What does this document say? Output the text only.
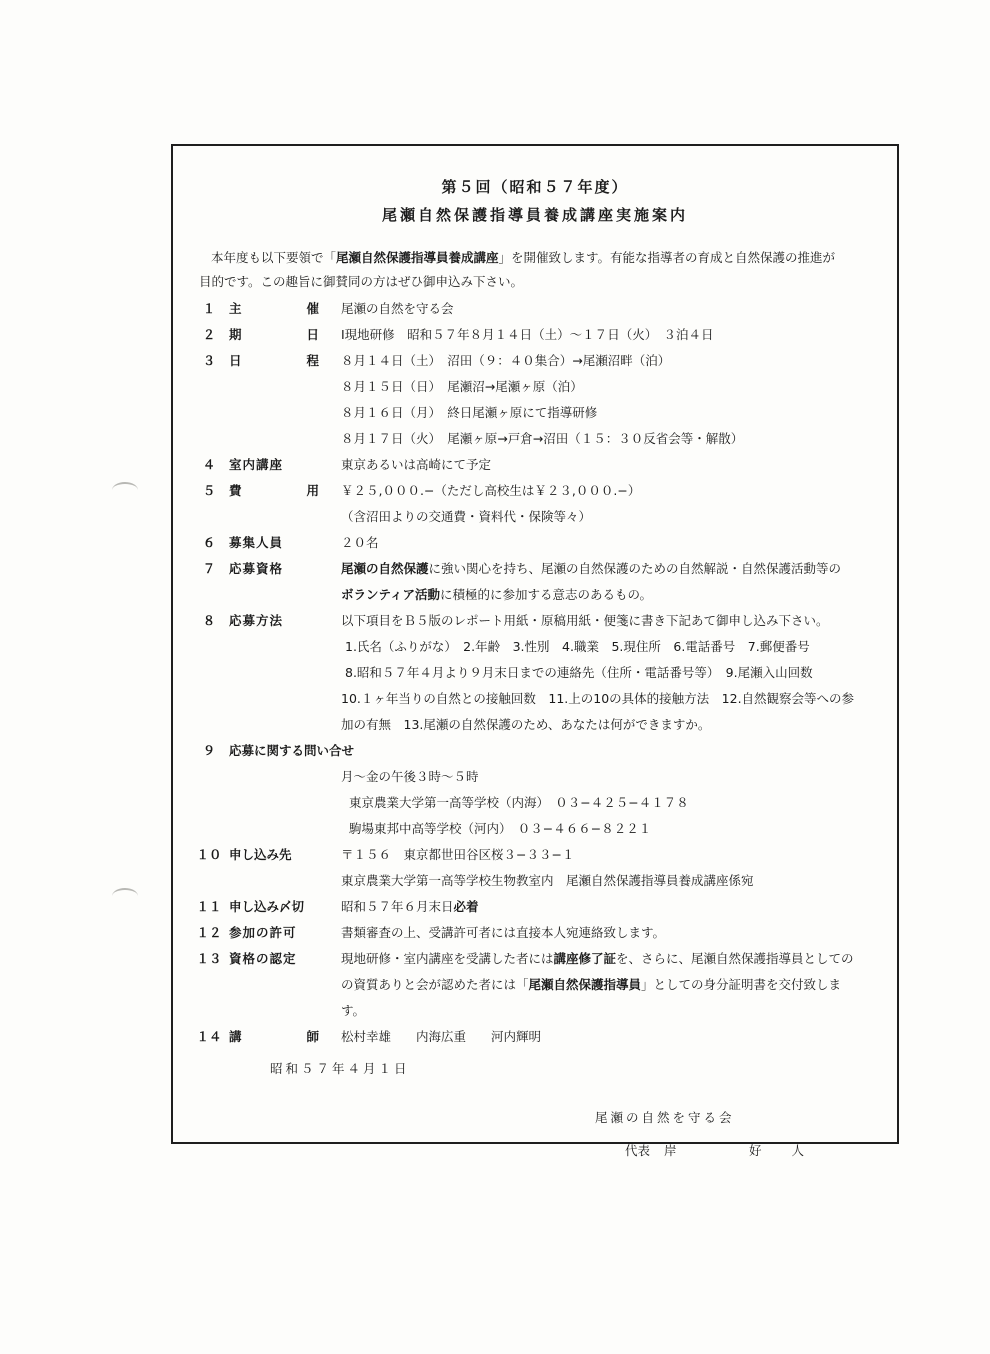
第５回（昭和５７年度）
尾瀬自然保護指導員養成講座実施案内
本年度も以下要領で「尾瀬自然保護指導員養成講座」を開催致します。有能な指導者の育成と自然保護の推進が
目的です。この趣旨に御賛同の方はぜひ御申込み下さい。
１	主	催 尾瀬の自然を守る会
２	期	日 Ⅰ現地研修　昭和５７年８月１４日（土）〜１７日（火）　３泊４日
３	日	程 ８月１４日（土）　沼田（９：４０集合）→尾瀬沼畔（泊）
８月１５日（日）　尾瀬沼→尾瀬ヶ原（泊）
８月１６日（月）　終日尾瀬ヶ原にて指導研修
８月１７日（火）　尾瀬ヶ原→戸倉→沼田（１５：３０反省会等・解散）
４	室内講座	東京あるいは高崎にて予定
５	費	用 ￥２５,０００.−（ただし高校生は￥２３,０００.−）
（含沼田よりの交通費・資料代・保険等々）
６	募集人員	２０名
７	応募資格	尾瀬の自然保護に強い関心を持ち、尾瀬の自然保護のための自然解説・自然保護活動等の
ボランティア活動に積極的に参加する意志のあるもの。
８	応募方法	以下項目をＢ５版のレポート用紙・原稿用紙・便箋に書き下記あて御申し込み下さい。
1.氏名（ふりがな）　2.年齢　3.性別　4.職業　5.現住所　6.電話番号　7.郵便番号
8.昭和５７年４月より９月末日までの連絡先（住所・電話番号等）　9.尾瀬入山回数
10.１ヶ年当りの自然との接触回数　11.上の10の具体的接触方法　12.自然観察会等への参
加の有無　13.尾瀬の自然保護のため、あなたは何ができますか。
９	応募に関する問い合せ
月〜金の午後３時〜５時
東京農業大学第一高等学校（内海）　０３−４２５−４１７８
駒場東邦中高等学校（河内）　０３−４６６−８２２１
１０ 申し込み先	〒１５６　東京都世田谷区桜３−３３−１
東京農業大学第一高等学校生物教室内　尾瀬自然保護指導員養成講座係宛
１１ 申し込み〆切	昭和５７年６月末日必着
１２ 参加の許可	書類審査の上、受講許可者には直接本人宛連絡致します。
１３ 資格の認定	現地研修・室内講座を受講した者には講座修了証を、さらに、尾瀬自然保護指導員としての
の資質ありと会が認めた者には「尾瀬自然保護指導員」としての身分証明書を交付致しま
す。
１４ 講	師 松村幸雄　　内海広重　　河内輝明
昭和５７年４月１日
尾瀬の自然を守る会
代表 岸　好人
